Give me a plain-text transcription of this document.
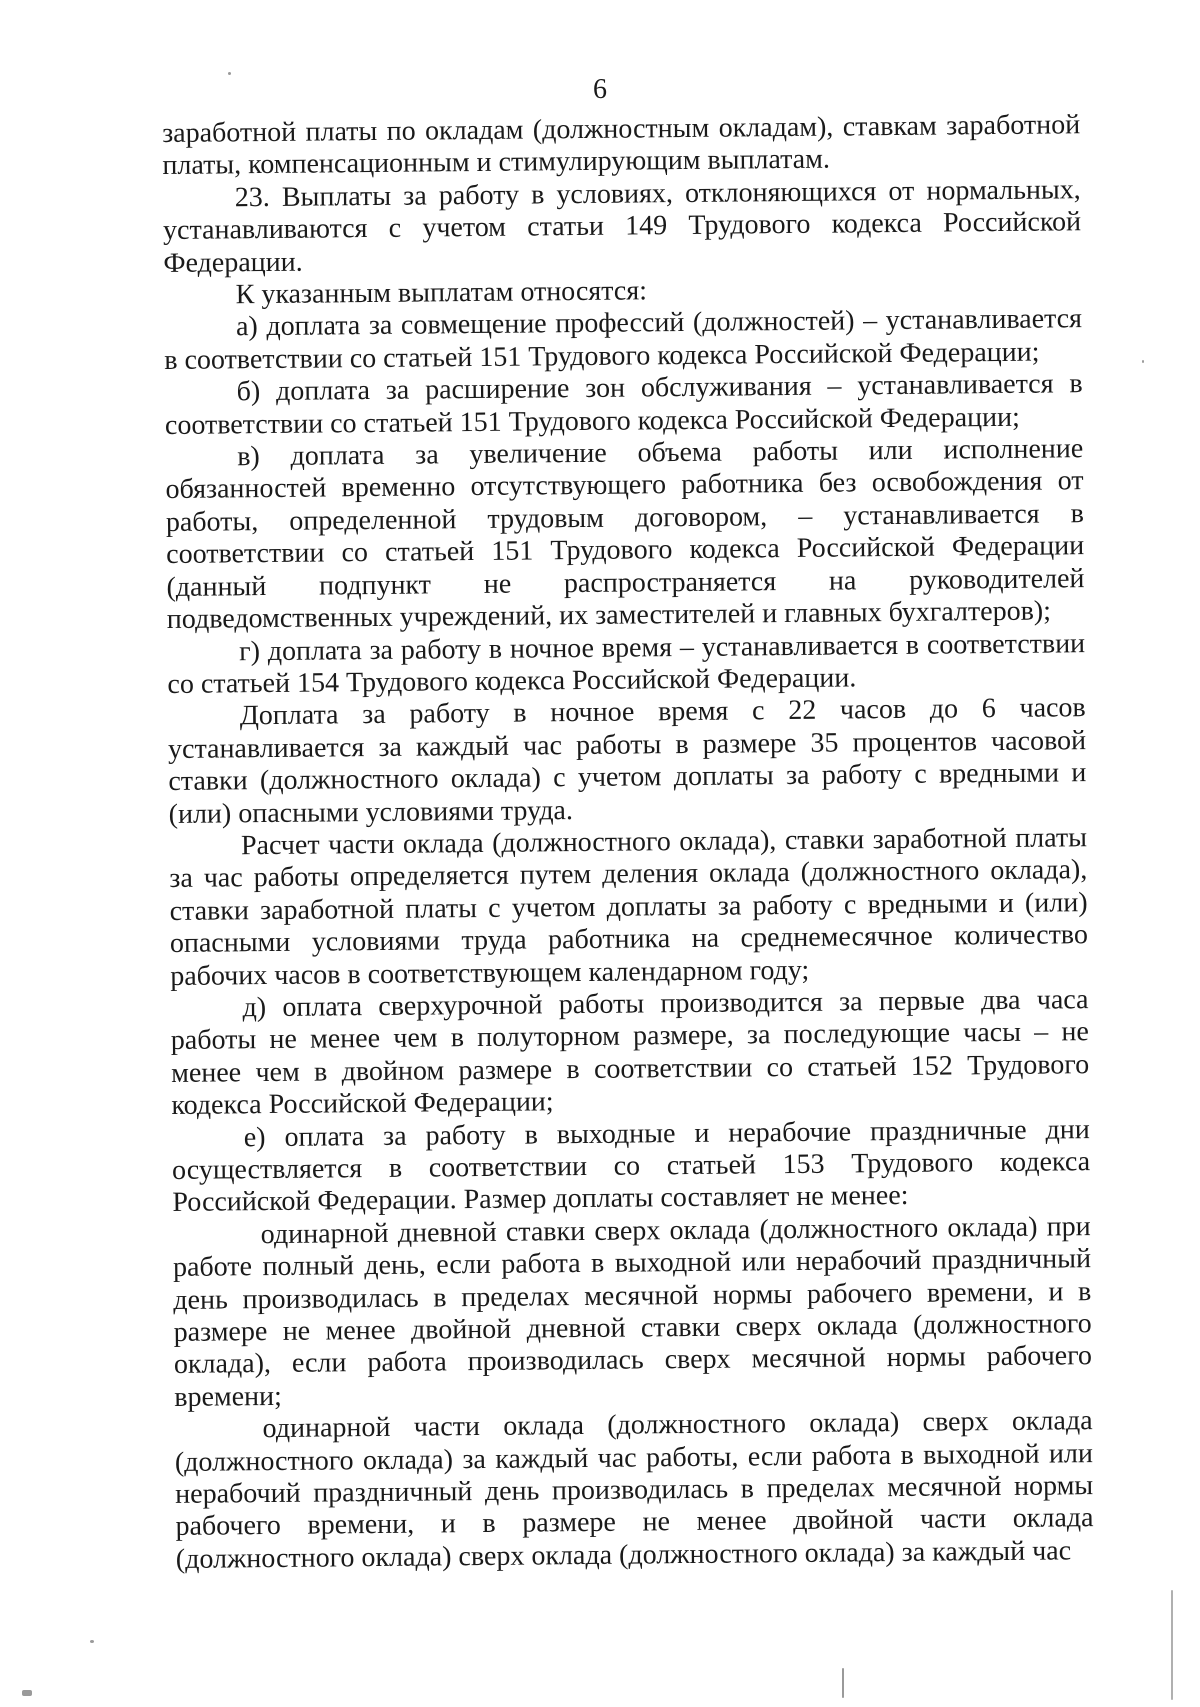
6

заработной платы по окладам (должностным окладам), ставкам заработной платы, компенсационным и стимулирующим выплатам.

23. Выплаты за работу в условиях, отклоняющихся от нормальных, устанавливаются с учетом статьи 149 Трудового кодекса Российской Федерации.

К указанным выплатам относятся:

а) доплата за совмещение профессий (должностей) – устанавливается в соответствии со статьей 151 Трудового кодекса Российской Федерации;

б) доплата за расширение зон обслуживания – устанавливается в соответствии со статьей 151 Трудового кодекса Российской Федерации;

в) доплата за увеличение объема работы или исполнение обязанностей временно отсутствующего работника без освобождения от работы, определенной трудовым договором, – устанавливается в соответствии со статьей 151 Трудового кодекса Российской Федерации (данный подпункт не распространяется на руководителей подведомственных учреждений, их заместителей и главных бухгалтеров);

г) доплата за работу в ночное время – устанавливается в соответствии со статьей 154 Трудового кодекса Российской Федерации.

Доплата за работу в ночное время с 22 часов до 6 часов устанавливается за каждый час работы в размере 35 процентов часовой ставки (должностного оклада) с учетом доплаты за работу с вредными и (или) опасными условиями труда.

Расчет части оклада (должностного оклада), ставки заработной платы за час работы определяется путем деления оклада (должностного оклада), ставки заработной платы с учетом доплаты за работу с вредными и (или) опасными условиями труда работника на среднемесячное количество рабочих часов в соответствующем календарном году;

д) оплата сверхурочной работы производится за первые два часа работы не менее чем в полуторном размере, за последующие часы – не менее чем в двойном размере в соответствии со статьей 152 Трудового кодекса Российской Федерации;

е) оплата за работу в выходные и нерабочие праздничные дни осуществляется в соответствии со статьей 153 Трудового кодекса Российской Федерации. Размер доплаты составляет не менее:

одинарной дневной ставки сверх оклада (должностного оклада) при работе полный день, если работа в выходной или нерабочий праздничный день производилась в пределах месячной нормы рабочего времени, и в размере не менее двойной дневной ставки сверх оклада (должностного оклада), если работа производилась сверх месячной нормы рабочего времени;

одинарной части оклада (должностного оклада) сверх оклада (должностного оклада) за каждый час работы, если работа в выходной или нерабочий праздничный день производилась в пределах месячной нормы рабочего времени, и в размере не менее двойной части оклада (должностного оклада) сверх оклада (должностного оклада) за каждый час
